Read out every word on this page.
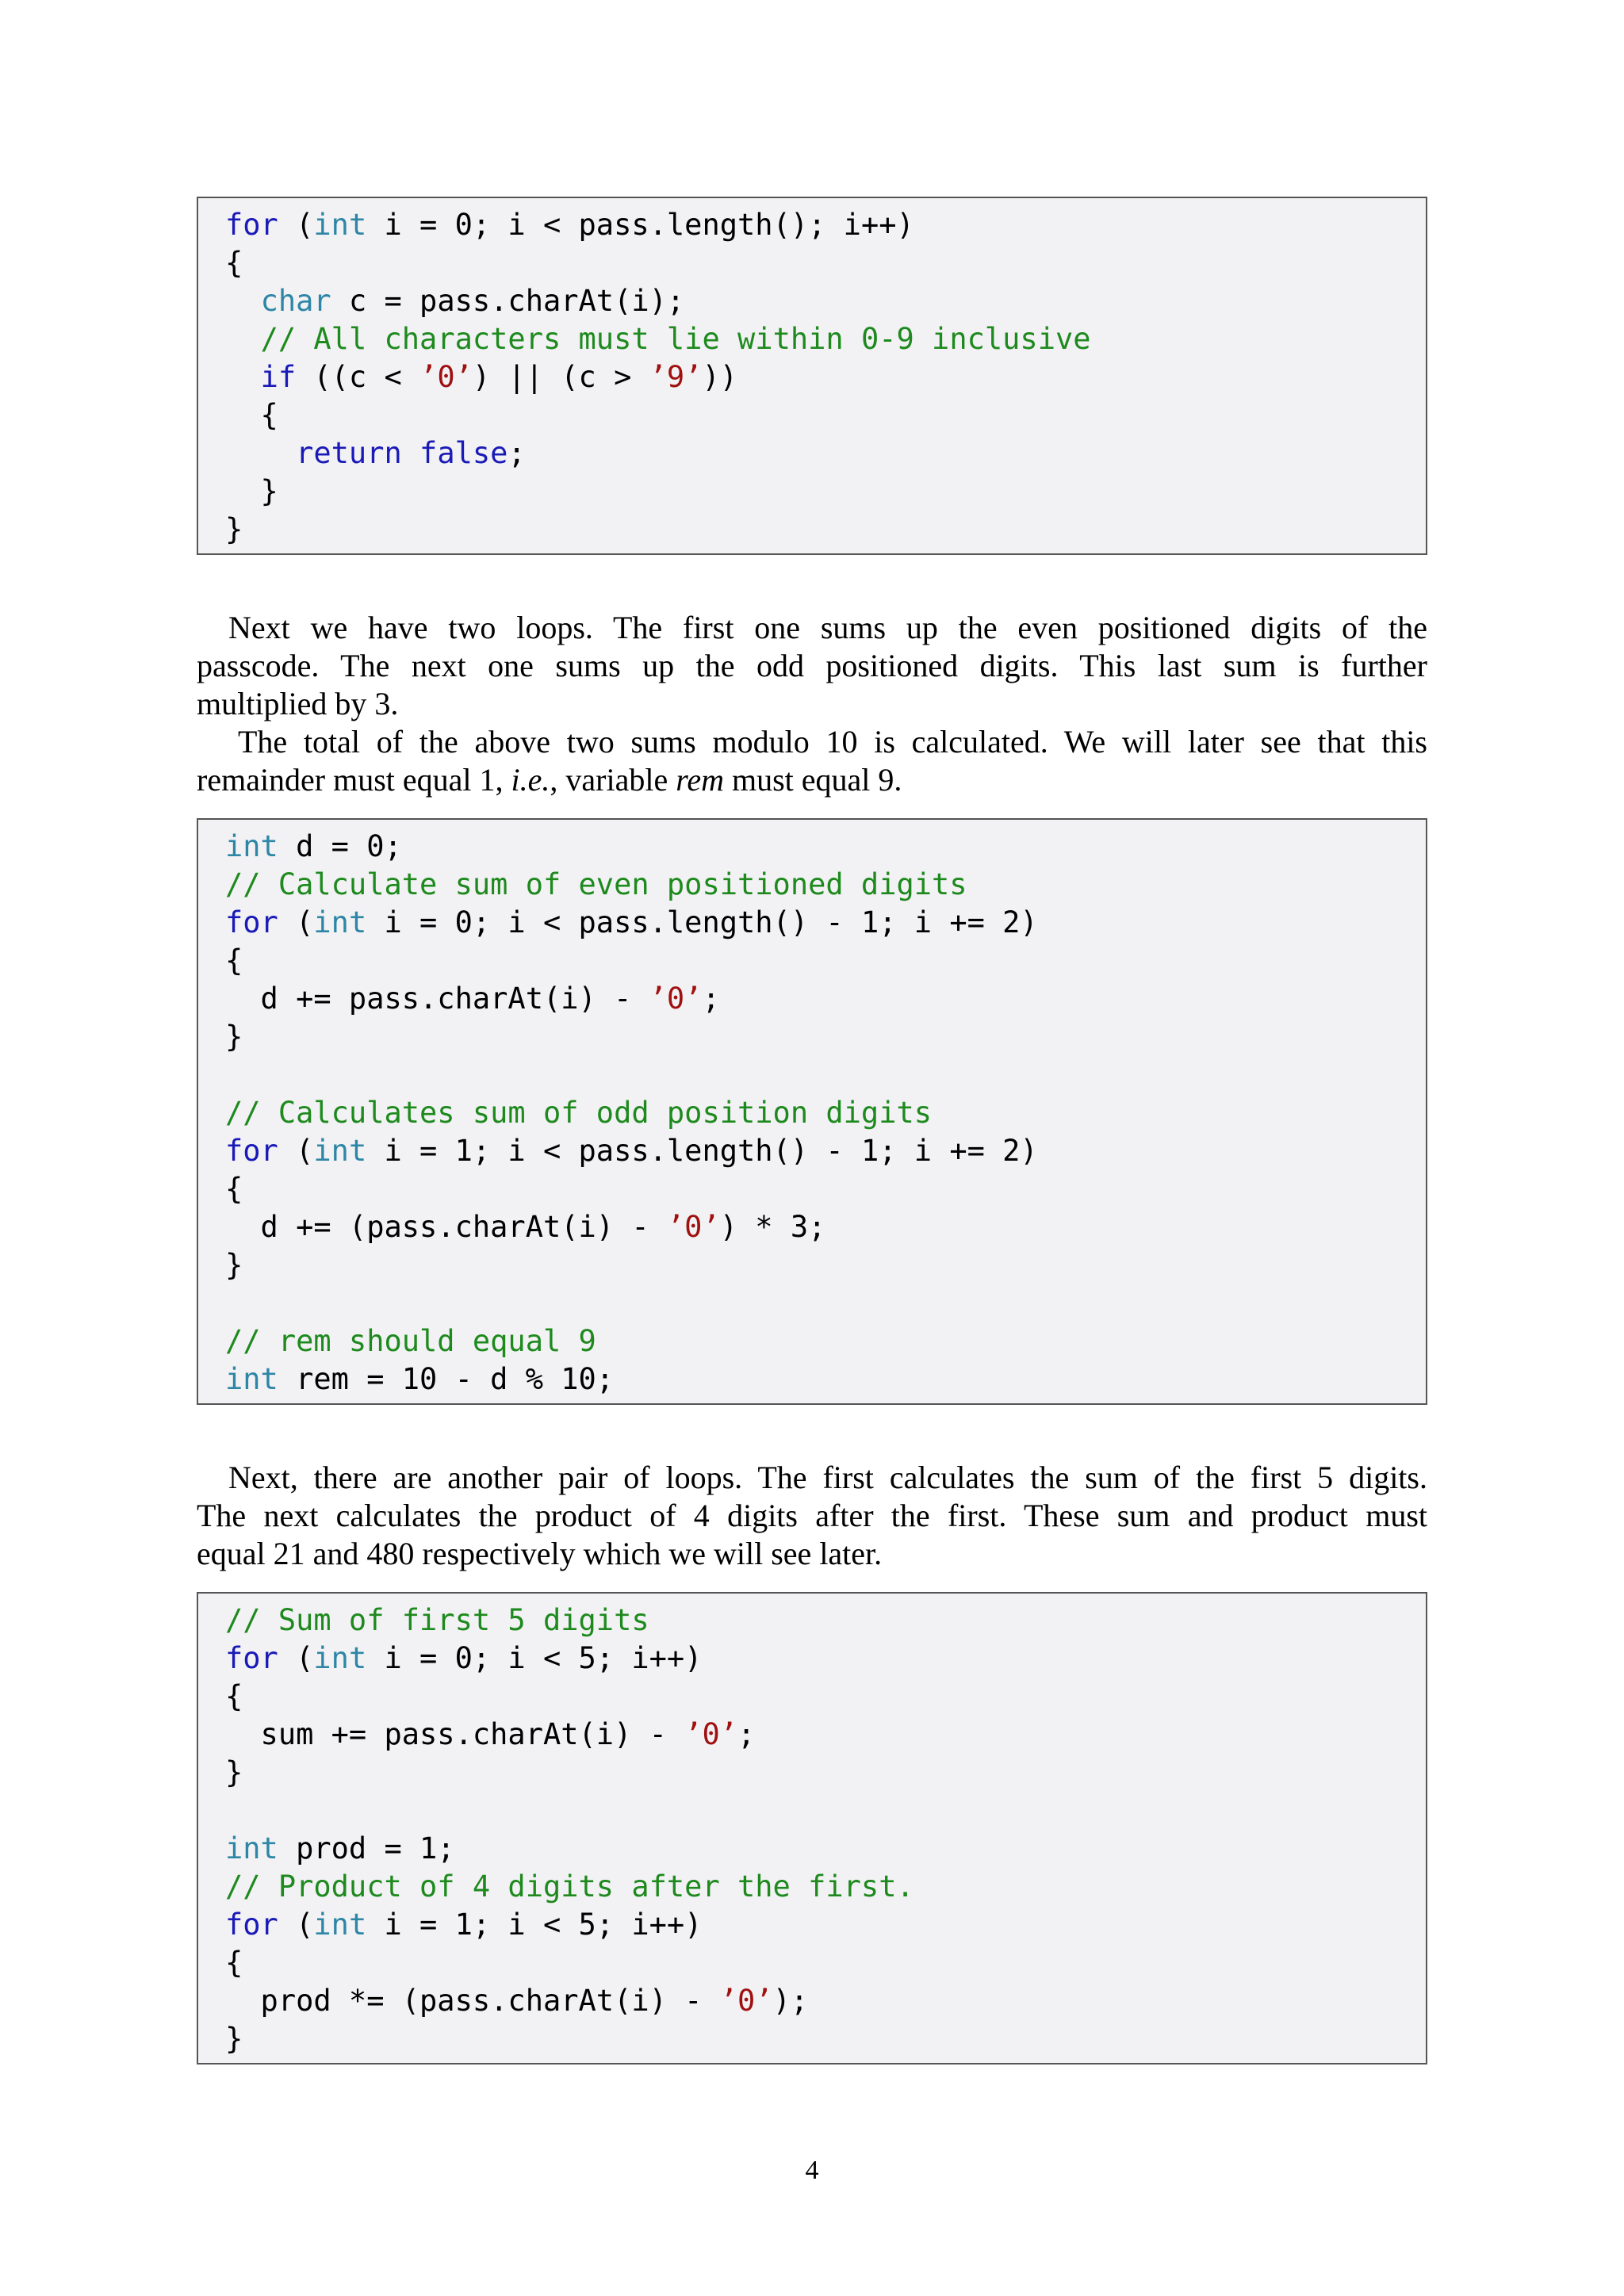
for (int i = 0; i < pass.length(); i++)
{
char c = pass.charAt(i);
// All characters must lie within 0-9 inclusive
if ((c < ’0’) || (c > ’9’))
{
return false;
}
}

Next we have two loops. The first one sums up the even positioned digits of the
passcode. The next one sums up the odd positioned digits. This last sum is further
multiplied by 3.

The total of the above two sums modulo 10 is calculated. We will later see that this
remainder must equal 1, i.e., variable rem must equal 9.

int d = 0;
// Calculate sum of even positioned digits
for (int i = 0; i < pass.length() - 1; i += 2)
{
d += pass.charAt(i) - ’0’;
}
// Calculates sum of odd position digits
for (int i = 1; i < pass.length() - 1; i += 2)
{
d += (pass.charAt(i) - ’0’) * 3;
}
// rem should equal 9
int rem = 10 - d % 10;

Next, there are another pair of loops. The first calculates the sum of the first 5 digits.
The next calculates the product of 4 digits after the first. These sum and product must
equal 21 and 480 respectively which we will see later.

// Sum of first 5 digits
for (int i = 0; i < 5; i++)
{
sum += pass.charAt(i) - ’0’;
}
int prod = 1;
// Product of 4 digits after the first.
for (int i = 1; i < 5; i++)
{
prod *= (pass.charAt(i) - ’0’);
}
4
